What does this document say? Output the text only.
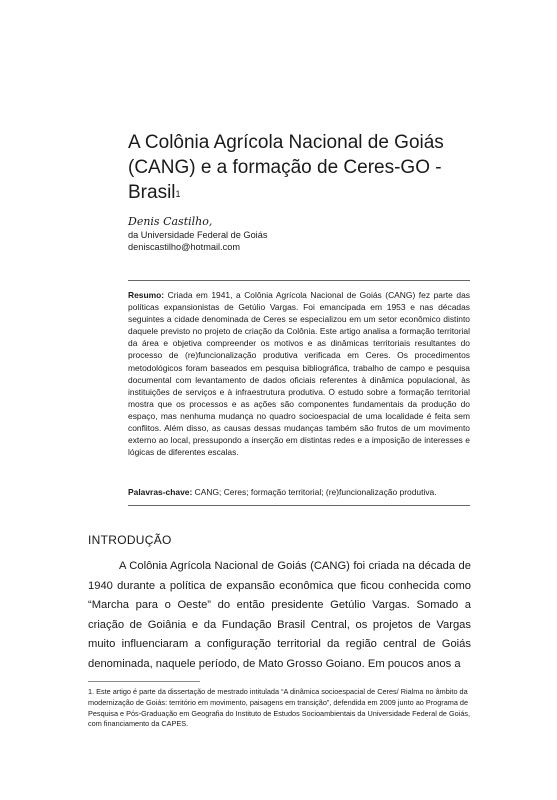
A Colônia Agrícola Nacional de Goiás (CANG) e a formação de Ceres-GO - Brasil$^1$
Denis Castilho,
da Universidade Federal de Goiás
deniscastilho@hotmail.com

Resumo: Criada em 1941, a Colônia Agrícola Nacional de Goiás (CANG) fez parte das políticas expansionistas de Getúlio Vargas. Foi emancipada em 1953 e nas décadas seguintes a cidade denominada de Ceres se especializou em um setor econômico distinto daquele previsto no projeto de criação da Colônia. Este artigo analisa a formação territorial da área e objetiva compreender os motivos e as dinâmicas territoriais resultantes do processo de (re)funcionalização produtiva verificada em Ceres. Os procedimentos metodológicos foram baseados em pesquisa bibliográfica, trabalho de campo e pesquisa documental com levantamento de dados oficiais referentes à dinâmica populacional, às instituições de serviços e à infraestrutura produtiva. O estudo sobre a formação territorial mostra que os processos e as ações são componentes fundamentais da produção do espaço, mas nenhuma mudança no quadro socioespacial de uma localidade é feita sem conflitos. Além disso, as causas dessas mudanças também são frutos de um movimento externo ao local, pressupondo a inserção em distintas redes e a imposição de interesses e lógicas de diferentes escalas.

Palavras-chave: CANG; Ceres; formação territorial; (re)funcionalização produtiva.

INTRODUÇÃO

A Colônia Agrícola Nacional de Goiás (CANG) foi criada na década de 1940 durante a política de expansão econômica que ficou conhecida como “Marcha para o Oeste” do então presidente Getúlio Vargas. Somado a criação de Goiânia e da Fundação Brasil Central, os projetos de Vargas muito influenciaram a configuração territorial da região central de Goiás denominada, naquele período, de Mato Grosso Goiano. Em poucos anos a

1. Este artigo é parte da dissertação de mestrado intitulada “A dinâmica socioespacial de Ceres/ Rialma no âmbito da modernização de Goiás: território em movimento, paisagens em transição”, defendida em 2009 junto ao Programa de Pesquisa e Pós-Graduação em Geografia do Instituto de Estudos Socioambientais da Universidade Federal de Goiás, com financiamento da CAPES.
